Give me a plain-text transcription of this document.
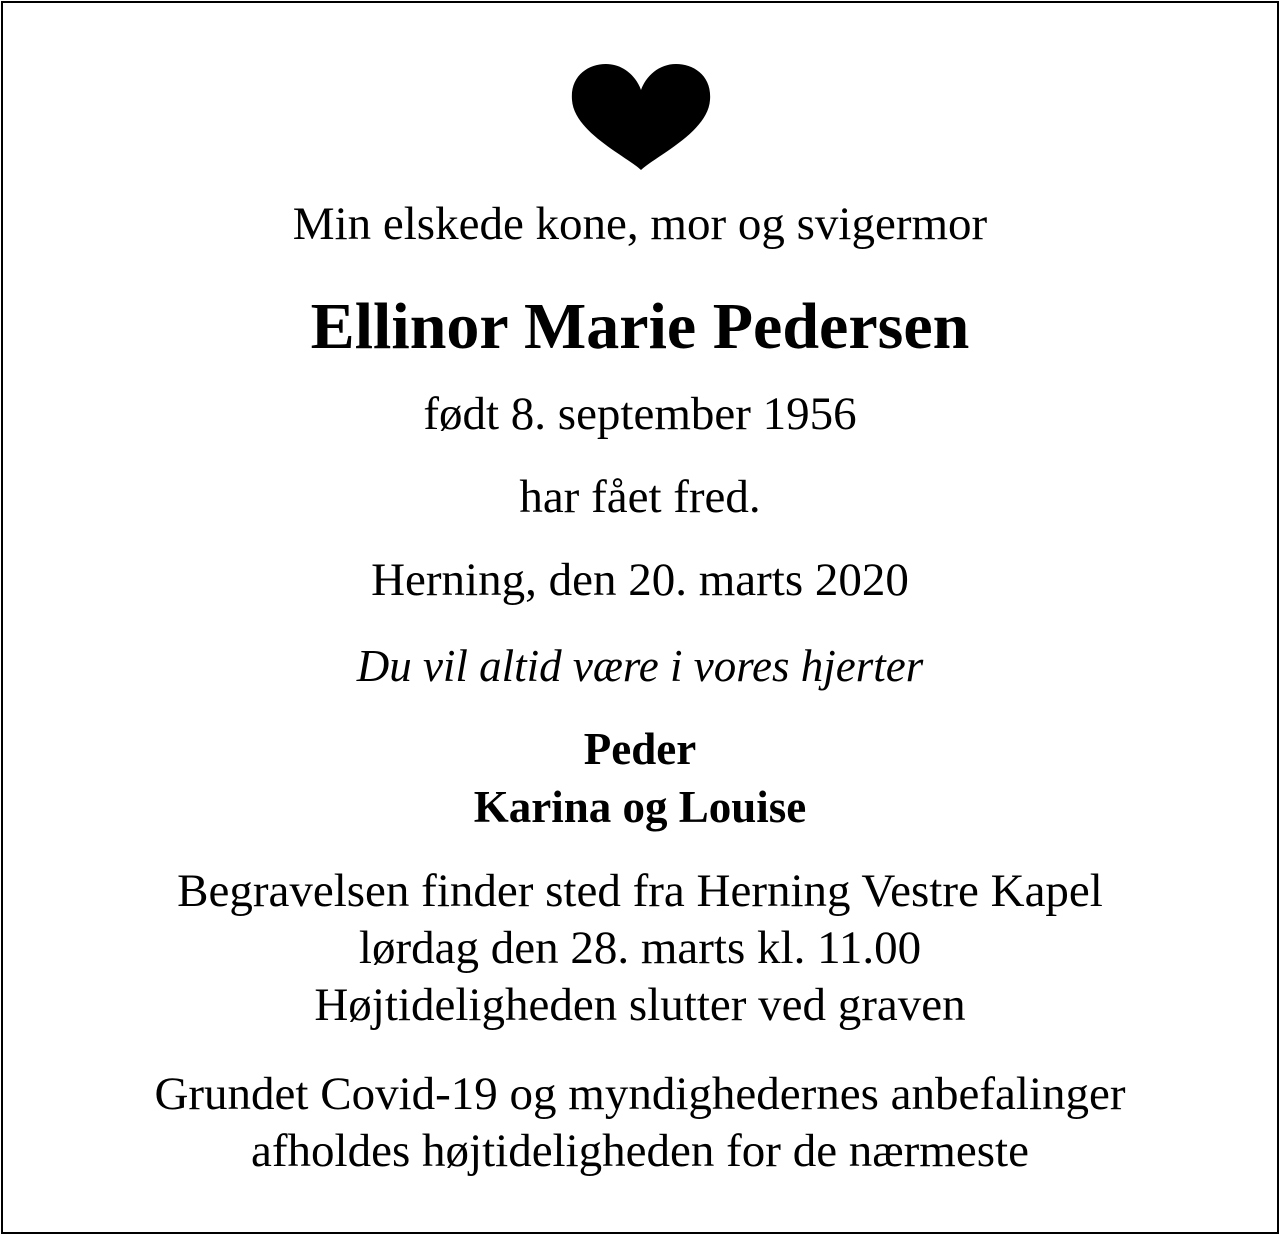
Min elskede kone, mor og svigermor
Ellinor Marie Pedersen
født 8. september 1956
har fået fred.
Herning, den 20. marts 2020
Du vil altid være i vores hjerter
Peder
Karina og Louise
Begravelsen finder sted fra Herning Vestre Kapel
lørdag den 28. marts kl. 11.00
Højtideligheden slutter ved graven
Grundet Covid-19 og myndighedernes anbefalinger
afholdes højtideligheden for de nærmeste
